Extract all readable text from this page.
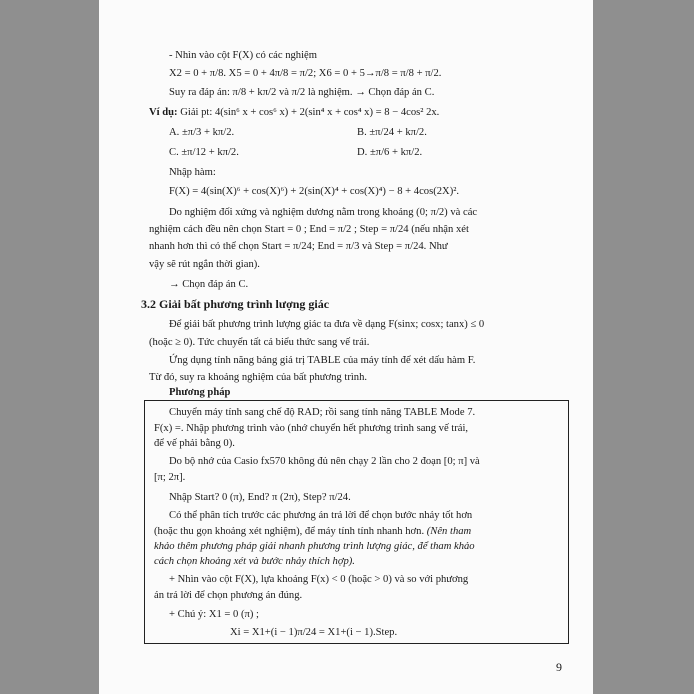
- Nhìn vào cột F(X) có các nghiệm
X2 = 0 + π/8. X5 = 0 + 4π/8 = π/2; X6 = 0 + 5→π/8 = π/8 + π/2.
Suy ra đáp án: π/8 + kπ/2 và π/2 là nghiệm. → Chọn đáp án C.
Ví dụ: Giải pt: 4(sin⁶ x + cos⁶ x) + 2(sin⁴ x + cos⁴ x) = 8 − 4cos² 2x.
A. ±π/3 + kπ/2.	B. ±π/24 + kπ/2.
C. ±π/12 + kπ/2.	D. ±π/6 + kπ/2.
Nhập hàm:
F(X) = 4(sin(X)⁶ + cos(X)⁶) + 2(sin(X)⁴ + cos(X)⁴) − 8 + 4cos(2X)².
Do nghiệm đối xứng và nghiệm dương nằm trong khoảng (0; π/2) và các
nghiệm cách đều nên chọn Start = 0 ; End = π/2 ; Step = π/24 (nếu nhận xét
nhanh hơn thì có thể chọn Start = π/24; End = π/3 và Step = π/24. Như
vậy sẽ rút ngắn thời gian).
→ Chọn đáp án C.
3.2 Giải bất phương trình lượng giác
Để giải bất phương trình lượng giác ta đưa về dạng F(sinx; cosx; tanx) ≤ 0
(hoặc ≥ 0). Tức chuyển tất cả biểu thức sang vế trái.
Ứng dụng tính năng bảng giá trị TABLE của máy tính để xét dấu hàm F.
Từ đó, suy ra khoảng nghiệm của bất phương trình.
Phương pháp
Chuyển máy tính sang chế độ RAD; rồi sang tính năng TABLE Mode 7.
F(x) =. Nhập phương trình vào (nhớ chuyển hết phương trình sang vế trái,
để vế phải bằng 0).
Do bộ nhớ của Casio fx570 không đủ nên chạy 2 lần cho 2 đoạn [0; π] và
[π; 2π].
Nhập Start? 0 (π), End? π (2π), Step? π/24.
Có thể phân tích trước các phương án trả lời để chọn bước nhảy tốt hơn
(hoặc thu gọn khoảng xét nghiệm), để máy tính tính nhanh hơn. (Nên tham
khảo thêm phương pháp giải nhanh phương trình lượng giác, để tham khảo
cách chọn khoảng xét và bước nhảy thích hợp).
+ Nhìn vào cột F(X), lựa khoảng F(x) < 0 (hoặc > 0) và so với phương
án trả lời để chọn phương án đúng.
+ Chú ý: X1 = 0 (π) ;
Xi = X1+(i − 1)π/24 = X1+(i − 1).Step.
9
